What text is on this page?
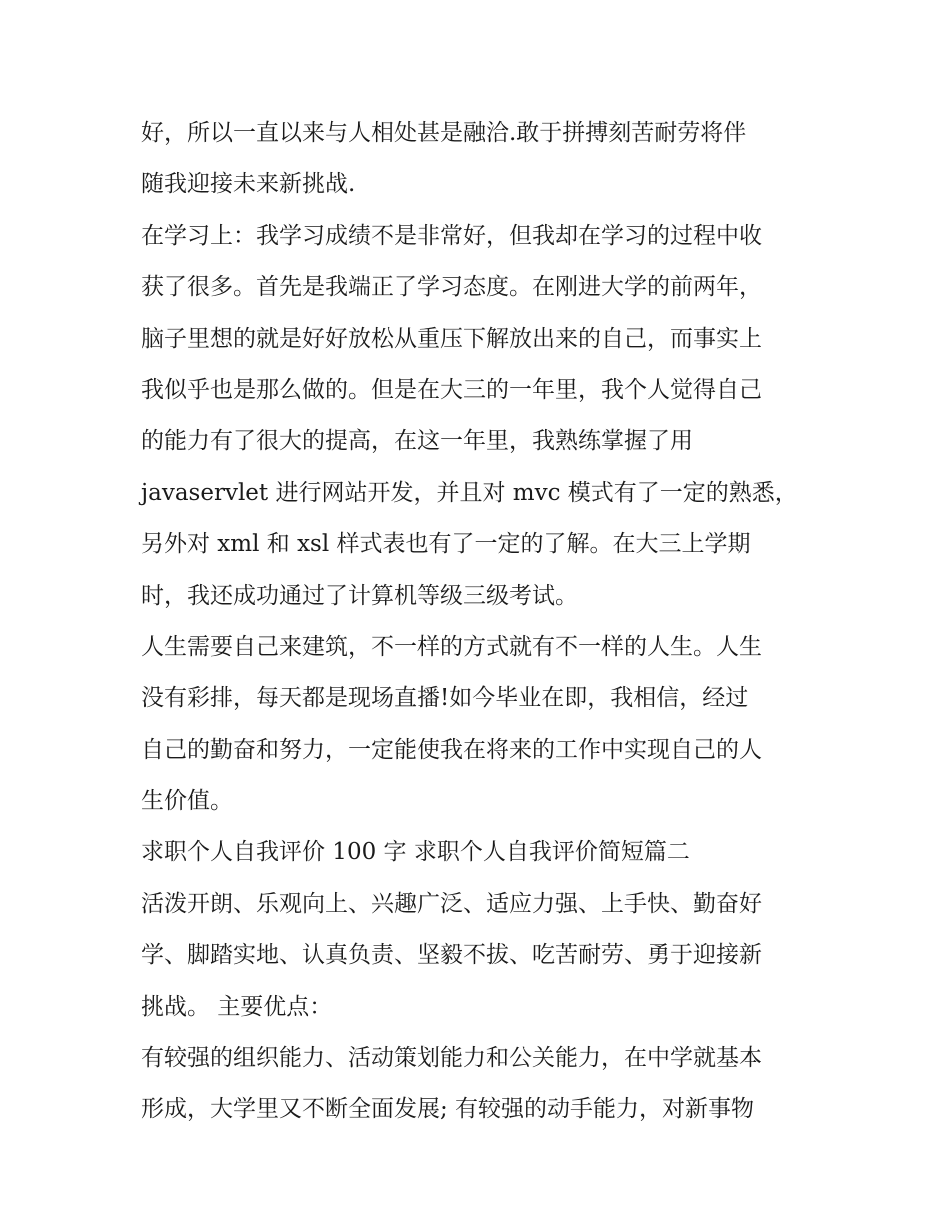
好，所以一直以来与人相处甚是融洽.敢于拼搏刻苦耐劳将伴
随我迎接未来新挑战.
在学习上：我学习成绩不是非常好，但我却在学习的过程中收
获了很多。首先是我端正了学习态度。在刚进大学的前两年，
脑子里想的就是好好放松从重压下解放出来的自己，而事实上
我似乎也是那么做的。但是在大三的一年里，我个人觉得自己
的能力有了很大的提高，在这一年里，我熟练掌握了用
javaservlet 进行网站开发，并且对 mvc 模式有了一定的熟悉，
另外对 xml 和 xsl 样式表也有了一定的了解。在大三上学期
时，我还成功通过了计算机等级三级考试。
人生需要自己来建筑，不一样的方式就有不一样的人生。人生
没有彩排，每天都是现场直播!如今毕业在即，我相信，经过
自己的勤奋和努力，一定能使我在将来的工作中实现自己的人
生价值。
求职个人自我评价 100 字 求职个人自我评价简短篇二
活泼开朗、乐观向上、兴趣广泛、适应力强、上手快、勤奋好
学、脚踏实地、认真负责、坚毅不拔、吃苦耐劳、勇于迎接新
挑战。 主要优点：
有较强的组织能力、活动策划能力和公关能力，在中学就基本
形成，大学里又不断全面发展; 有较强的动手能力，对新事物
